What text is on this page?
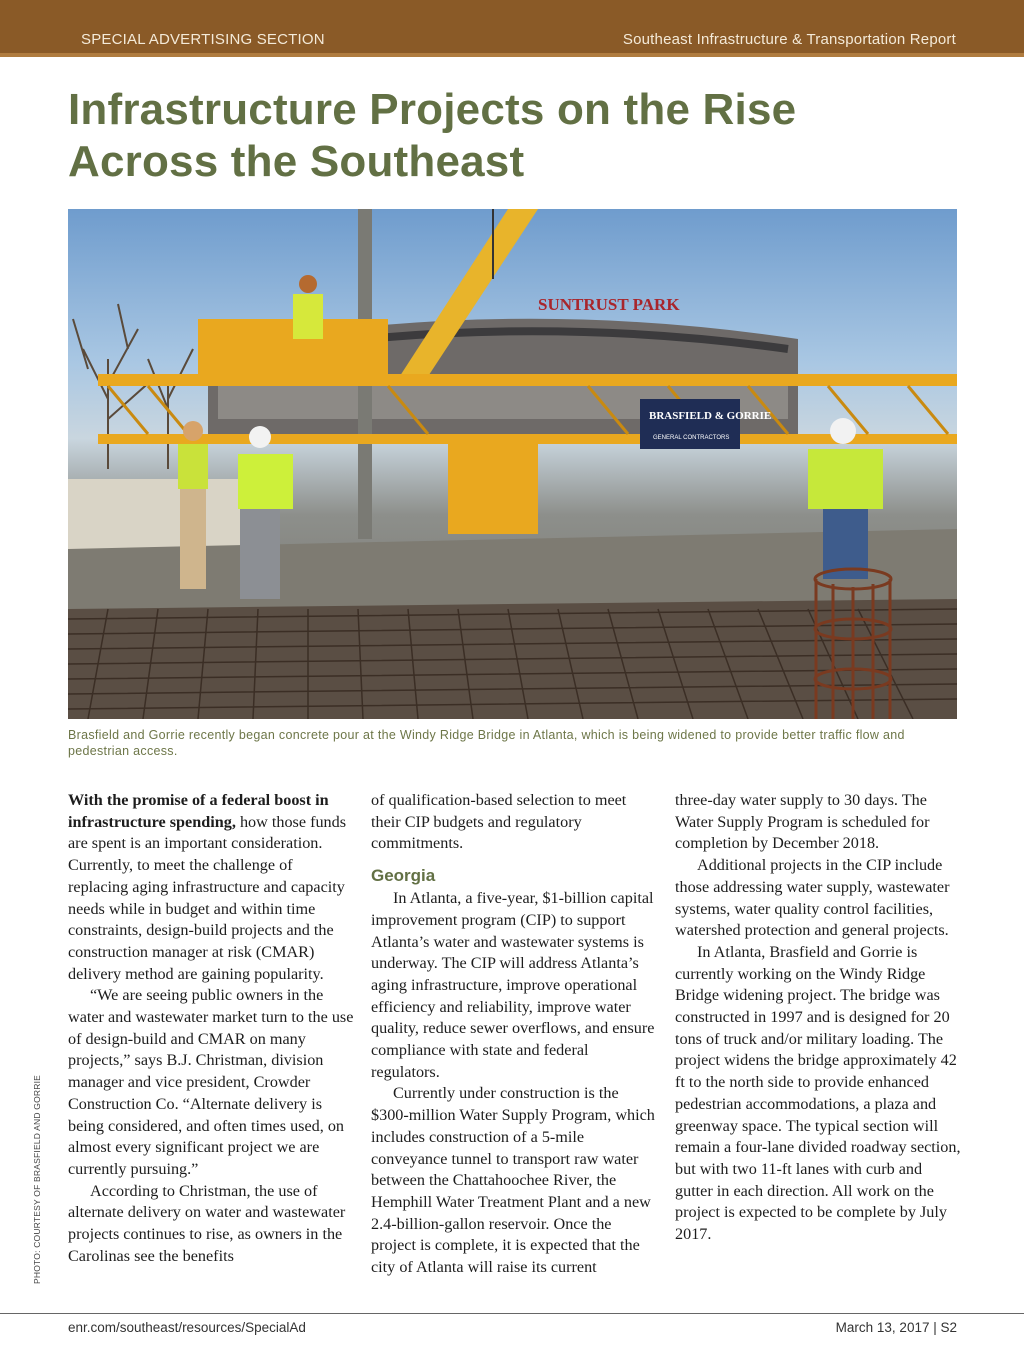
SPECIAL ADVERTISING SECTION	Southeast Infrastructure & Transportation Report
Infrastructure Projects on the Rise
Across the Southeast
SUNTRUST PARK
BRASFIELD & GORRIE
GENERAL CONTRACTORS

Brasfield and Gorrie recently began concrete pour at the Windy Ridge Bridge in Atlanta, which is being widened to provide better traffic flow and pedestrian access.

With the promise of a federal boost in infrastructure spending, how those funds are spent is an important consideration. Currently, to meet the challenge of replacing aging infrastructure and capacity needs while in budget and within time constraints, design-build projects and the construction manager at risk (CMAR) delivery method are gaining popularity.

“We are seeing public owners in the water and wastewater market turn to the use of design-build and CMAR on many projects,” says B.J. Christman, division manager and vice president, Crowder Construction Co. “Alternate delivery is being considered, and often times used, on almost every significant project we are currently pursuing.”

According to Christman, the use of alternate delivery on water and wastewater projects continues to rise, as owners in the Carolinas see the benefits

of qualification-based selection to meet their CIP budgets and regulatory commitments.

Georgia

In Atlanta, a five-year, $1-billion capital improvement program (CIP) to support Atlanta’s water and wastewater systems is underway. The CIP will address Atlanta’s aging infrastructure, improve operational efficiency and reliability, improve water quality, reduce sewer overflows, and ensure compliance with state and federal regulators.

Currently under construction is the $300-million Water Supply Program, which includes construction of a 5-mile conveyance tunnel to transport raw water between the Chattahoochee River, the Hemphill Water Treatment Plant and a new 2.4-billion-gallon reservoir. Once the project is complete, it is expected that the city of Atlanta will raise its current

three-day water supply to 30 days. The Water Supply Program is scheduled for completion by December 2018.

Additional projects in the CIP include those addressing water supply, wastewater systems, water quality control facilities, watershed protection and general projects.

In Atlanta, Brasfield and Gorrie is currently working on the Windy Ridge Bridge widening project. The bridge was constructed in 1997 and is designed for 20 tons of truck and/or military loading. The project widens the bridge approximately 42 ft to the north side to provide enhanced pedestrian accommodations, a plaza and greenway space. The typical section will remain a four-lane divided roadway section, but with two 11-ft lanes with curb and gutter in each direction. All work on the project is expected to be complete by July 2017.

PHOTO: COURTESY OF BRASFIELD AND GORRIE
enr.com/southeast/resources/SpecialAd	March 13, 2017 | S2
